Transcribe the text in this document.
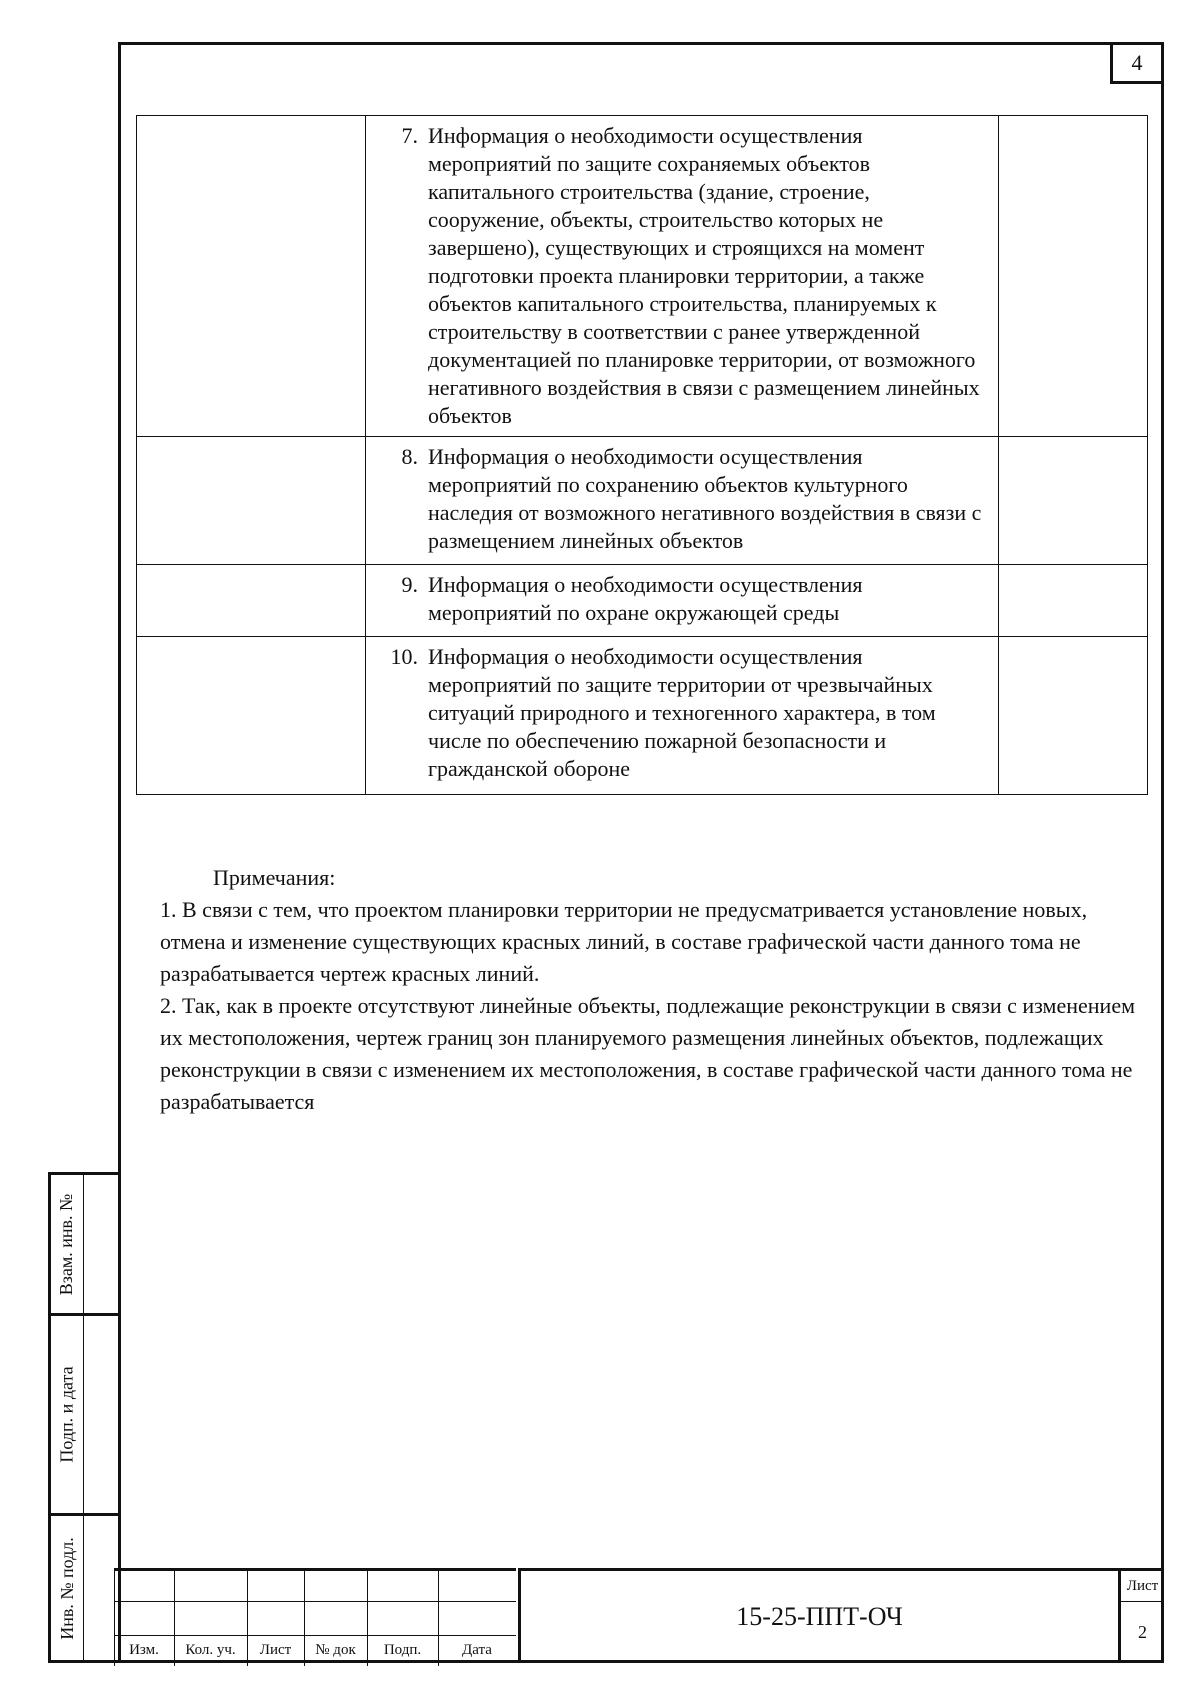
4

	7. Информация о необходимости осуществления мероприятий по защите сохраняемых объектов капитального строительства (здание, строение, сооружение, объекты, строительство которых не завершено), существующих и строящихся на момент подготовки проекта планировки территории, а также объектов капитального строительства, планируемых к строительству в соответствии с ранее утвержденной документацией по планировке территории, от возможного негативного воздействия в связи с размещением линейных объектов	

	8. Информация о необходимости осуществления мероприятий по сохранению объектов культурного наследия от возможного негативного воздействия в связи с размещением линейных объектов	

	9. Информация о необходимости осуществления мероприятий по охране окружающей среды	

	10. Информация о необходимости осуществления мероприятий по защите территории от чрезвычайных ситуаций природного и техногенного характера, в том числе по обеспечению пожарной безопасности и гражданской обороне	

Примечания:
1. В связи с тем, что проектом планировки территории не предусматривается установление новых, отмена и изменение существующих красных линий, в составе графической части данного тома не разрабатывается чертеж красных линий.
2. Так, как в проекте отсутствуют линейные объекты, подлежащие реконструкции в связи с изменением их местоположения, чертеж границ зон планируемого размещения линейных объектов, подлежащих реконструкции в связи с изменением их местоположения, в составе графической части данного тома не разрабатывается
Взам. инв. №
Подп. и дата
Инв. № подл.
Изм.	Кол. уч.	Лист	№ док	Подп.	Дата
15-25-ППТ-ОЧ
Лист
2
